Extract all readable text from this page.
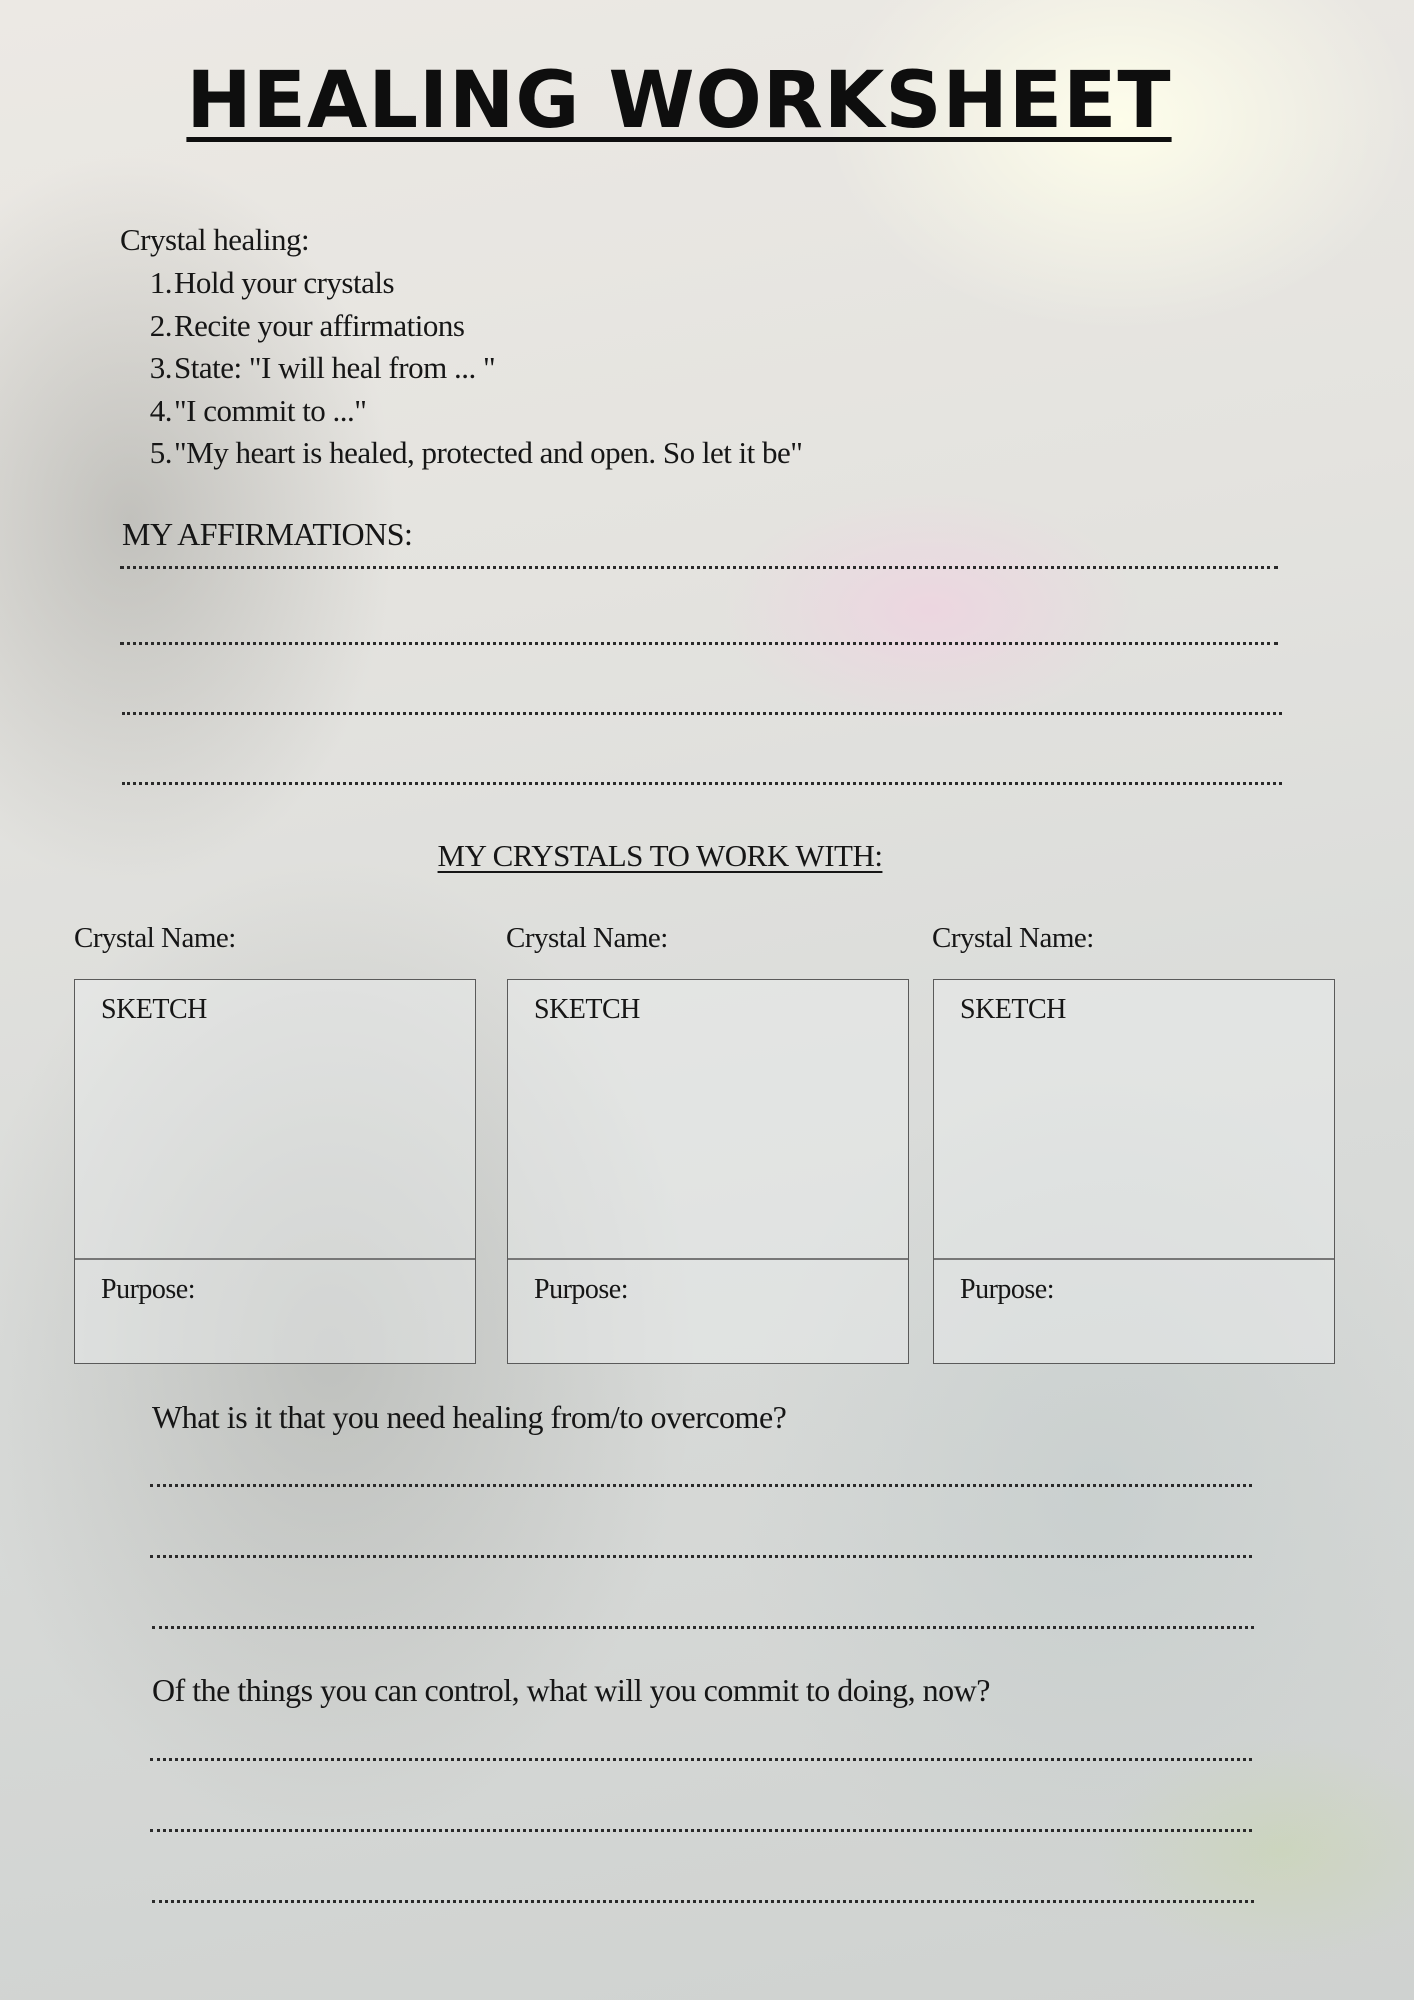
HEALING WORKSHEET
Crystal healing:
1.Hold your crystals
2.Recite your affirmations
3.State: "I will heal from ... "
4."I commit to ..."
5."My heart is healed, protected and open. So let it be"
MY AFFIRMATIONS:
MY CRYSTALS TO WORK WITH:
Crystal Name:	Crystal Name:	Crystal Name:
SKETCH
Purpose:
SKETCH
Purpose:
SKETCH
Purpose:
What is it that you need healing from/to overcome?
Of the things you can control, what will you commit to doing, now?
